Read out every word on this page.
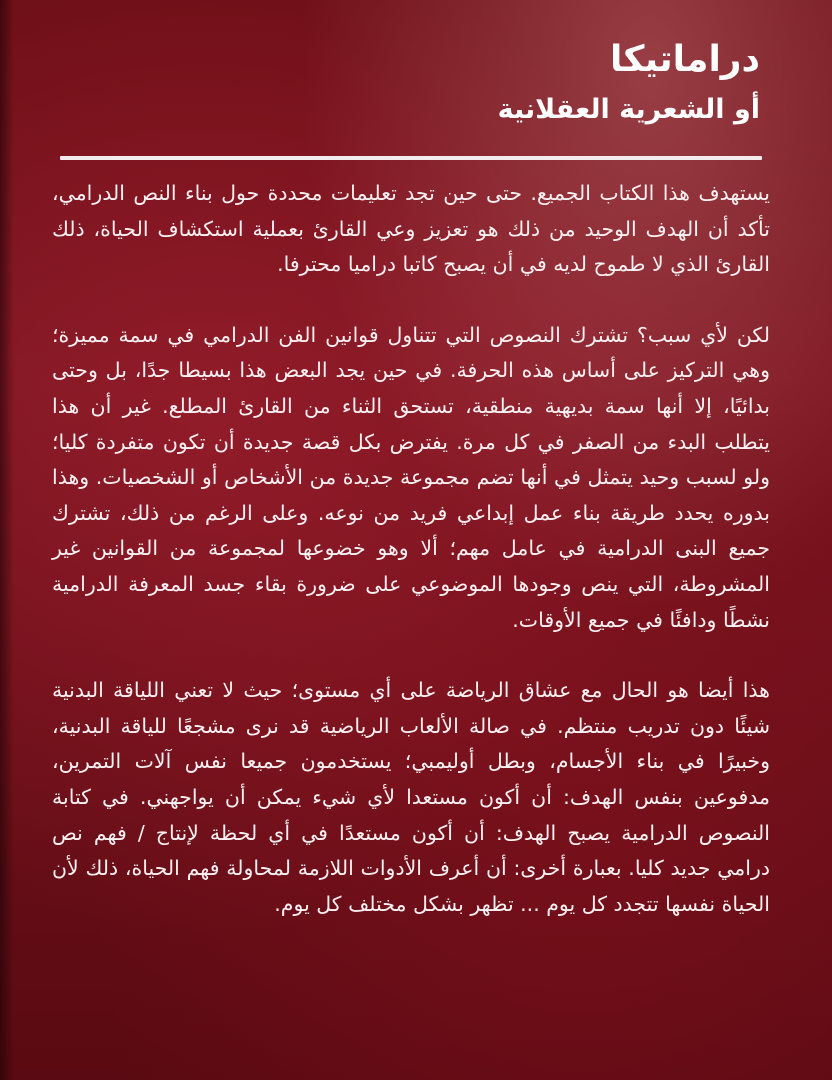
دراماتيكا
أو الشعرية العقلانية

يستهدف هذا الكتاب الجميع. حتى حين تجد تعليمات محددة حول بناء النص الدرامي، تأكد أن الهدف الوحيد من ذلك هو تعزيز وعي القارئ بعملية استكشاف الحياة، ذلك القارئ الذي لا طموح لديه في أن يصبح كاتبا دراميا محترفا.

لكن لأي سبب؟ تشترك النصوص التي تتناول قوانين الفن الدرامي في سمة مميزة؛ وهي التركيز على أساس هذه الحرفة. في حين يجد البعض هذا بسيطا جدًا، بل وحتى بدائيًا، إلا أنها سمة بديهية منطقية، تستحق الثناء من القارئ المطلع. غير أن هذا يتطلب البدء من الصفر في كل مرة. يفترض بكل قصة جديدة أن تكون متفردة كليا؛ ولو لسبب وحيد يتمثل في أنها تضم مجموعة جديدة من الأشخاص أو الشخصيات. وهذا بدوره يحدد طريقة بناء عمل إبداعي فريد من نوعه. وعلى الرغم من ذلك، تشترك جميع البنى الدرامية في عامل مهم؛ ألا وهو خضوعها لمجموعة من القوانين غير المشروطة، التي ينص وجودها الموضوعي على ضرورة بقاء جسد المعرفة الدرامية نشطًا ودافئًا في جميع الأوقات.

هذا أيضا هو الحال مع عشاق الرياضة على أي مستوى؛ حيث لا تعني اللياقة البدنية شيئًا دون تدريب منتظم. في صالة الألعاب الرياضية قد نرى مشجعًا للياقة البدنية، وخبيرًا في بناء الأجسام، وبطل أوليمبي؛ يستخدمون جميعا نفس آلات التمرين، مدفوعين بنفس الهدف: أن أكون مستعدا لأي شيء يمكن أن يواجهني. في كتابة النصوص الدرامية يصبح الهدف: أن أكون مستعدًا في أي لحظة لإنتاج / فهم نص درامي جديد كليا. بعبارة أخرى: أن أعرف الأدوات اللازمة لمحاولة فهم الحياة، ذلك لأن الحياة نفسها تتجدد كل يوم ... تظهر بشكل مختلف كل يوم.
